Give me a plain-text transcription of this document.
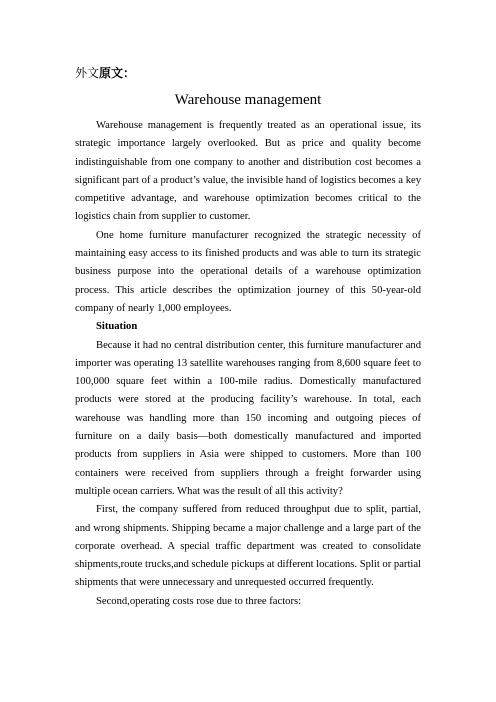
外文原文：
Warehouse management

Warehouse management is frequently treated as an operational issue, its strategic importance largely overlooked. But as price and quality become indistinguishable from one company to another and distribution cost becomes a significant part of a product’s value, the invisible hand of logistics becomes a key competitive advantage, and warehouse optimization becomes critical to the logistics chain from supplier to customer.

One home furniture manufacturer recognized the strategic necessity of maintaining easy access to its finished products and was able to turn its strategic business purpose into the operational details of a warehouse optimization process. This article describes the optimization journey of this 50-year-old company of nearly 1,000 employees.

Situation

Because it had no central distribution center, this furniture manufacturer and importer was operating 13 satellite warehouses ranging from 8,600 square feet to 100,000 square feet within a 100-mile radius. Domestically manufactured products were stored at the producing facility’s warehouse. In total, each warehouse was handling more than 150 incoming and outgoing pieces of furniture on a daily basis—both domestically manufactured and imported products from suppliers in Asia were shipped to customers. More than 100 containers were received from suppliers through a freight forwarder using multiple ocean carriers. What was the result of all this activity?

First, the company suffered from reduced throughput due to split, partial, and wrong shipments. Shipping became a major challenge and a large part of the corporate overhead. A special traffic department was created to consolidate shipments,route trucks,and schedule pickups at different locations. Split or partial shipments that were unnecessary and unrequested occurred frequently.

Second,operating costs rose due to three factors:
